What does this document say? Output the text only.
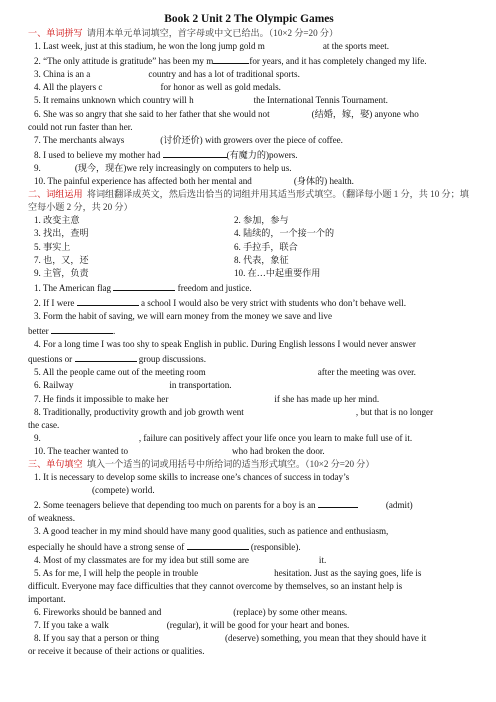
Book 2 Unit 2 The Olympic Games

一、单词拼写 请用本单元单词填空，首字母或中文已给出。（10×2 分=20 分）

1. Last week, just at this stadium, he won the long jump gold m	at the sports meet.

2. “The only attitude is gratitude” has been my m	for years, and it has completely changed my life.

3. China is an a	country and has a lot of traditional sports.

4. All the players c	for honor as well as gold medals.

5. It remains unknown which country will h	the International Tennis Tournament.

6. She was so angry that she said to her father that she would not	(结婚，嫁，娶) anyone who

could not run faster than her.

7. The merchants always	(讨价还价) with growers over the piece of coffee.

8. I used to believe my mother had	(有魔力的)powers.

9.	(现今，现在)we rely increasingly on computers to help us.

10. The painful experience has affected both her mental and	(身体的) health.

二、词组运用 将词组翻译成英文，然后选出恰当的词组并用其适当形式填空。（翻译每小题 1 分，共 10 分；填空每小题 2 分，共 20 分）

1. 改变主意	2. 参加，参与
3. 找出，查明	4. 陆续的，一个接一个的
5. 事实上	6. 手拉手，联合
7. 也，又，还	8. 代表，象征
9. 主管，负责	10. 在…中起重要作用

1. The American flag	freedom and justice.

2. If I were	a school I would also be very strict with students who don’t behave well.

3. Form the habit of saving, we will earn money from the money we save and live

better	.

4. For a long time I was too shy to speak English in public. During English lessons I would never answer

questions or	group discussions.

5. All the people came out of the meeting room	after the meeting was over.

6. Railway	in transportation.

7. He finds it impossible to make her	if she has made up her mind.

8. Traditionally, productivity growth and job growth went	, but that is no longer

the case.

9.	, failure can positively affect your life once you learn to make full use of it.

10. The teacher wanted to	who had broken the door.

三、单句填空 填入一个适当的词或用括号中所给词的适当形式填空。（10×2 分=20 分）

1. It is necessary to develop some skills to increase one’s chances of success in today’s

(compete) world.

2. Some teenagers believe that depending too much on parents for a boy is an	(admit)

of weakness.

3. A good teacher in my mind should have many good qualities, such as patience and enthusiasm,

especially he should have a strong sense of	(responsible).

4. Most of my classmates are for my idea but still some are	it.

5. As for me, I will help the people in trouble	hesitation. Just as the saying goes, life is

difficult. Everyone may face difficulties that they cannot overcome by themselves, so an instant help is

important.

6. Fireworks should be banned and	(replace) by some other means.

7. If you take a walk	(regular), it will be good for your heart and bones.

8. If you say that a person or thing	(deserve) something, you mean that they should have it

or receive it because of their actions or qualities.
